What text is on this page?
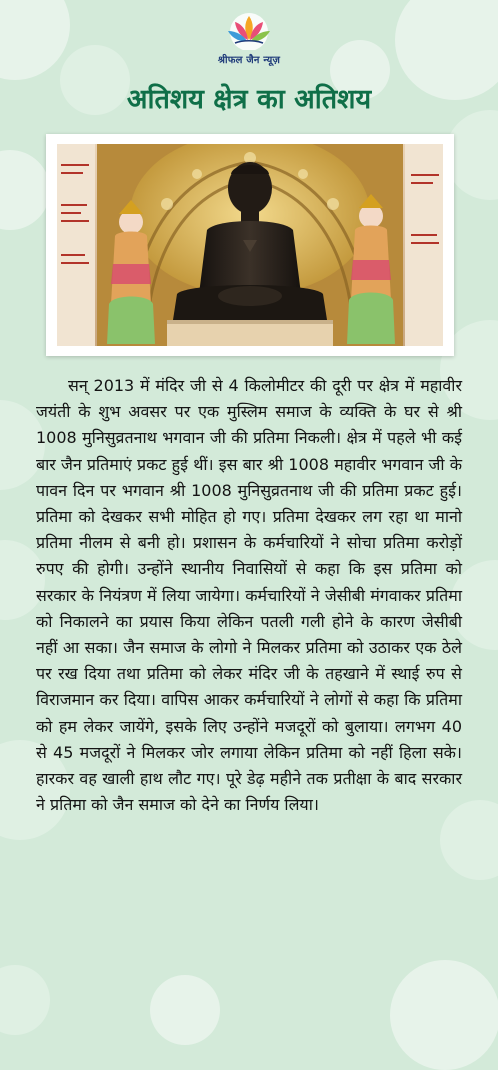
श्रीफल जैन न्यूज़
अतिशय क्षेत्र का अतिशय

सन् 2013 में मंदिर जी से 4 किलोमीटर की दूरी पर क्षेत्र में महावीर जयंती के शुभ अवसर पर एक मुस्लिम समाज के व्यक्ति के घर से श्री 1008 मुनिसुव्रतनाथ भगवान जी की प्रतिमा निकली। क्षेत्र में पहले भी कई बार जैन प्रतिमाएं प्रकट हुई थीं। इस बार श्री 1008 महावीर भगवान जी के पावन दिन पर भगवान श्री 1008 मुनिसुव्रतनाथ जी की प्रतिमा प्रकट हुई। प्रतिमा को देखकर सभी मोहित हो गए। प्रतिमा देखकर लग रहा था मानो प्रतिमा नीलम से बनी हो। प्रशासन के कर्मचारियों ने सोचा प्रतिमा करोड़ों रुपए की होगी। उन्होंने स्थानीय निवासियों से कहा कि इस प्रतिमा को सरकार के नियंत्रण में लिया जायेगा। कर्मचारियों ने जेसीबी मंगवाकर प्रतिमा को निकालने का प्रयास किया लेकिन पतली गली होने के कारण जेसीबी नहीं आ सका। जैन समाज के लोगो ने मिलकर प्रतिमा को उठाकर एक ठेले पर रख दिया तथा प्रतिमा को लेकर मंदिर जी के तहखाने में स्थाई रुप से विराजमान कर दिया। वापिस आकर कर्मचारियों ने लोगों से कहा कि प्रतिमा को हम लेकर जायेंगे, इसके लिए उन्होंने मजदूरों को बुलाया। लगभग 40 से 45 मजदूरों ने मिलकर जोर लगाया लेकिन प्रतिमा को नहीं हिला सके। हारकर वह खाली हाथ लौट गए। पूरे डेढ़ महीने तक प्रतीक्षा के बाद सरकार ने प्रतिमा को जैन समाज को देने का निर्णय लिया।
